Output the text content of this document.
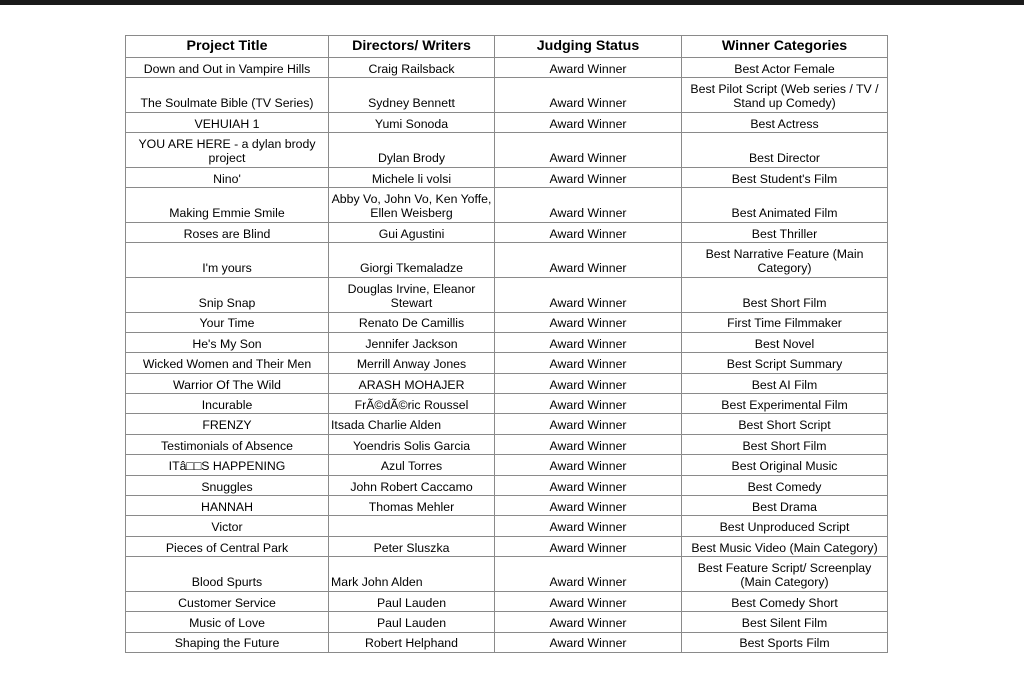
Project Title	Directors/ Writers	Judging Status	Winner Categories
Down and Out in Vampire Hills	Craig Railsback	Award Winner	Best Actor Female
The Soulmate Bible (TV Series)	Sydney Bennett	Award Winner	Best Pilot Script (Web series / TV / Stand up Comedy)
VEHUIAH 1	Yumi Sonoda	Award Winner	Best Actress
YOU ARE HERE - a dylan brody project	Dylan Brody	Award Winner	Best Director
Nino'	Michele li volsi	Award Winner	Best Student's Film
Making Emmie Smile	Abby Vo, John Vo, Ken Yoffe, Ellen Weisberg	Award Winner	Best Animated Film
Roses are Blind	Gui Agustini	Award Winner	Best Thriller
I'm yours	Giorgi Tkemaladze	Award Winner	Best Narrative Feature (Main Category)
Snip Snap	Douglas Irvine, Eleanor Stewart	Award Winner	Best Short Film
Your Time	Renato De Camillis	Award Winner	First Time Filmmaker
He's My Son	Jennifer Jackson	Award Winner	Best Novel
Wicked Women and Their Men	Merrill Anway Jones	Award Winner	Best Script Summary
Warrior Of The Wild	ARASH MOHAJER	Award Winner	Best AI Film
Incurable	FrÃ©dÃ©ric Roussel	Award Winner	Best Experimental Film
FRENZY	Itsada Charlie Alden	Award Winner	Best Short Script
Testimonials of Absence	Yoendris Solis Garcia	Award Winner	Best Short Film
ITâ□□S HAPPENING	Azul Torres	Award Winner	Best Original Music
Snuggles	John Robert Caccamo	Award Winner	Best Comedy
HANNAH	Thomas Mehler	Award Winner	Best Drama
Victor		Award Winner	Best Unproduced Script
Pieces of Central Park	Peter Sluszka	Award Winner	Best Music Video (Main Category)
Blood Spurts	Mark John Alden	Award Winner	Best Feature Script/ Screenplay (Main Category)
Customer Service	Paul Lauden	Award Winner	Best Comedy Short
Music of Love	Paul Lauden	Award Winner	Best Silent Film
Shaping the Future	Robert Helphand	Award Winner	Best Sports Film
